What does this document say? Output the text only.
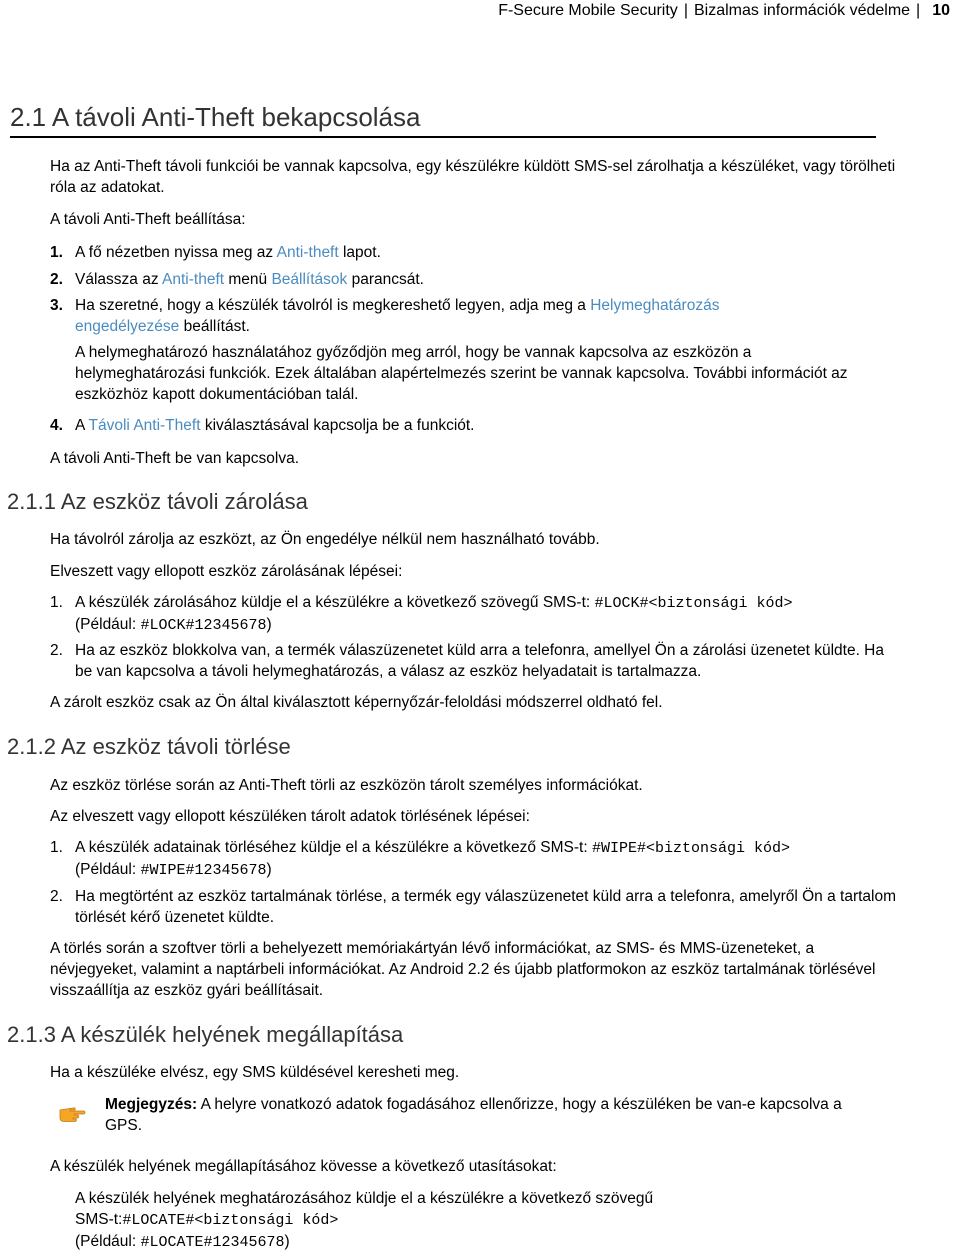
F-Secure Mobile Security | Bizalmas információk védelme | 10
2.1 A távoli Anti-Theft bekapcsolása
Ha az Anti-Theft távoli funkciói be vannak kapcsolva, egy készülékre küldött SMS-sel zárolhatja a készüléket, vagy törölheti róla az adatokat.
A távoli Anti-Theft beállítása:
1. A fő nézetben nyissa meg az Anti-theft lapot.
2. Válassza az Anti-theft menü Beállítások parancsát.
3. Ha szeretné, hogy a készülék távolról is megkereshető legyen, adja meg a Helymeghatározás
engedélyezése beállítást.
A helymeghatározó használatához győződjön meg arról, hogy be vannak kapcsolva az eszközön a helymeghatározási funkciók. Ezek általában alapértelmezés szerint be vannak kapcsolva. További információt az eszközhöz kapott dokumentációban talál.
4. A Távoli Anti-Theft kiválasztásával kapcsolja be a funkciót.
A távoli Anti-Theft be van kapcsolva.
2.1.1 Az eszköz távoli zárolása
Ha távolról zárolja az eszközt, az Ön engedélye nélkül nem használható tovább.
Elveszett vagy ellopott eszköz zárolásának lépései:
1. A készülék zárolásához küldje el a készülékre a következő szövegű SMS-t: #LOCK#<biztonsági kód>
(Például: #LOCK#12345678)
2. Ha az eszköz blokkolva van, a termék válaszüzenetet küld arra a telefonra, amellyel Ön a zárolási üzenetet küldte. Ha be van kapcsolva a távoli helymeghatározás, a válasz az eszköz helyadatait is tartalmazza.
A zárolt eszköz csak az Ön által kiválasztott képernyőzár-feloldási módszerrel oldható fel.
2.1.2 Az eszköz távoli törlése
Az eszköz törlése során az Anti-Theft törli az eszközön tárolt személyes információkat.
Az elveszett vagy ellopott készüléken tárolt adatok törlésének lépései:
1. A készülék adatainak törléséhez küldje el a készülékre a következő SMS-t: #WIPE#<biztonsági kód>
(Például: #WIPE#12345678)
2. Ha megtörtént az eszköz tartalmának törlése, a termék egy válaszüzenetet küld arra a telefonra, amelyről Ön a tartalom törlését kérő üzenetet küldte.
A törlés során a szoftver törli a behelyezett memóriakártyán lévő információkat, az SMS- és MMS-üzeneteket, a névjegyeket, valamint a naptárbeli információkat. Az Android 2.2 és újabb platformokon az eszköz tartalmának törlésével visszaállítja az eszköz gyári beállításait.
2.1.3 A készülék helyének megállapítása
Ha a készüléke elvész, egy SMS küldésével keresheti meg.
Megjegyzés: A helyre vonatkozó adatok fogadásához ellenőrizze, hogy a készüléken be van-e kapcsolva a GPS.
A készülék helyének megállapításához kövesse a következő utasításokat:
A készülék helyének meghatározásához küldje el a készülékre a következő szövegű
SMS-t:#LOCATE#<biztonsági kód>
(Például: #LOCATE#12345678)
